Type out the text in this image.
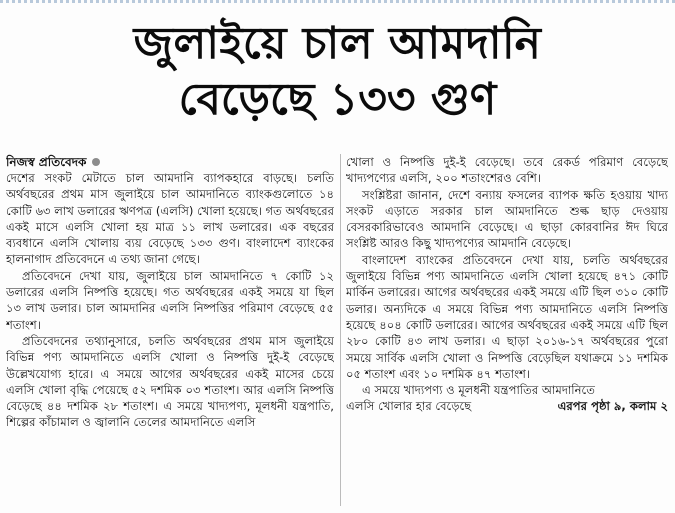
জুলাইয়ে চাল আমদানি
বেড়েছে ১৩৩ গুণ
নিজস্ব প্রতিবেদক

দেশের সংকট মেটাতে চাল আমদানি ব্যাপকহারে বাড়ছে। চলতি অর্থবছরের প্রথম মাস জুলাইয়ে চাল আমদানিতে ব্যাংকগুলোতে ১৪ কোটি ৬৩ লাখ ডলারের ঋণপত্র (এলসি) খোলা হয়েছে। গত অর্থবছরের একই মাসে এলসি খোলা হয় মাত্র ১১ লাখ ডলারের। এক বছরের ব্যবধানে এলসি খোলায় ব্যয় বেড়েছে ১৩৩ গুণ। বাংলাদেশ ব্যাংকের হালনাগাদ প্রতিবেদনে এ তথ্য জানা গেছে।

প্রতিবেদনে দেখা যায়, জুলাইয়ে চাল আমদানিতে ৭ কোটি ১২ ডলারের এলসি নিষ্পত্তি হয়েছে। গত অর্থবছরের একই সময়ে যা ছিল ১৩ লাখ ডলার। চাল আমদানির এলসি নিষ্পত্তির পরিমাণ বেড়েছে ৫৫ শতাংশ।

প্রতিবেদনের তথ্যানুসারে, চলতি অর্থবছরের প্রথম মাস জুলাইয়ে বিভিন্ন পণ্য আমদানিতে এলসি খোলা ও নিষ্পত্তি দুই-ই বেড়েছে উল্লেখযোগ্য হারে। এ সময়ে আগের অর্থবছরের একই মাসের চেয়ে এলসি খোলা বৃদ্ধি পেয়েছে ৫২ দশমিক ০৩ শতাংশ। আর এলসি নিষ্পত্তি বেড়েছে ৪৪ দশমিক ২৮ শতাংশ। এ সময়ে খাদ্যপণ্য, মূলধনী যন্ত্রপাতি, শিল্পের কাঁচামাল ও জ্বালানি তেলের আমদানিতে এলসি

খোলা ও নিষ্পত্তি দুই-ই বেড়েছে। তবে রেকর্ড পরিমাণ বেড়েছে খাদ্যপণ্যের এলসি, ২০০ শতাংশেরও বেশি।

সংশ্লিষ্টরা জানান, দেশে বন্যায় ফসলের ব্যাপক ক্ষতি হওয়ায় খাদ্য সংকট এড়াতে সরকার চাল আমদানিতে শুল্ক ছাড় দেওয়ায় বেসরকারিভাবেও আমদানি বেড়েছে। এ ছাড়া কোরবানির ঈদ ঘিরে সংশ্লিষ্ট আরও কিছু খাদ্যপণ্যের আমদানি বেড়েছে।

বাংলাদেশ ব্যাংকের প্রতিবেদনে দেখা যায়, চলতি অর্থবছরের জুলাইয়ে বিভিন্ন পণ্য আমদানিতে এলসি খোলা হয়েছে ৪৭১ কোটি মার্কিন ডলারের। আগের অর্থবছরের একই সময়ে এটি ছিল ৩১০ কোটি ডলার। অন্যদিকে এ সময়ে বিভিন্ন পণ্য আমদানিতে এলসি নিষ্পত্তি হয়েছে ৪০৪ কোটি ডলারের। আগের অর্থবছরের একই সময়ে এটি ছিল ২৮০ কোটি ৪৩ লাখ ডলার। এ ছাড়া ২০১৬-১৭ অর্থবছরের পুরো সময়ে সার্বিক এলসি খোলা ও নিষ্পত্তি বেড়েছিল যথাক্রমে ১১ দশমিক ০৫ শতাংশ এবং ১০ দশমিক ৪৭ শতাংশ।

এ সময়ে খাদ্যপণ্য ও মূলধনী যন্ত্রপাতির আমদানিতে

এলসি খোলার হার বেড়েছে	এরপর পৃষ্ঠা ৯, কলাম ২
